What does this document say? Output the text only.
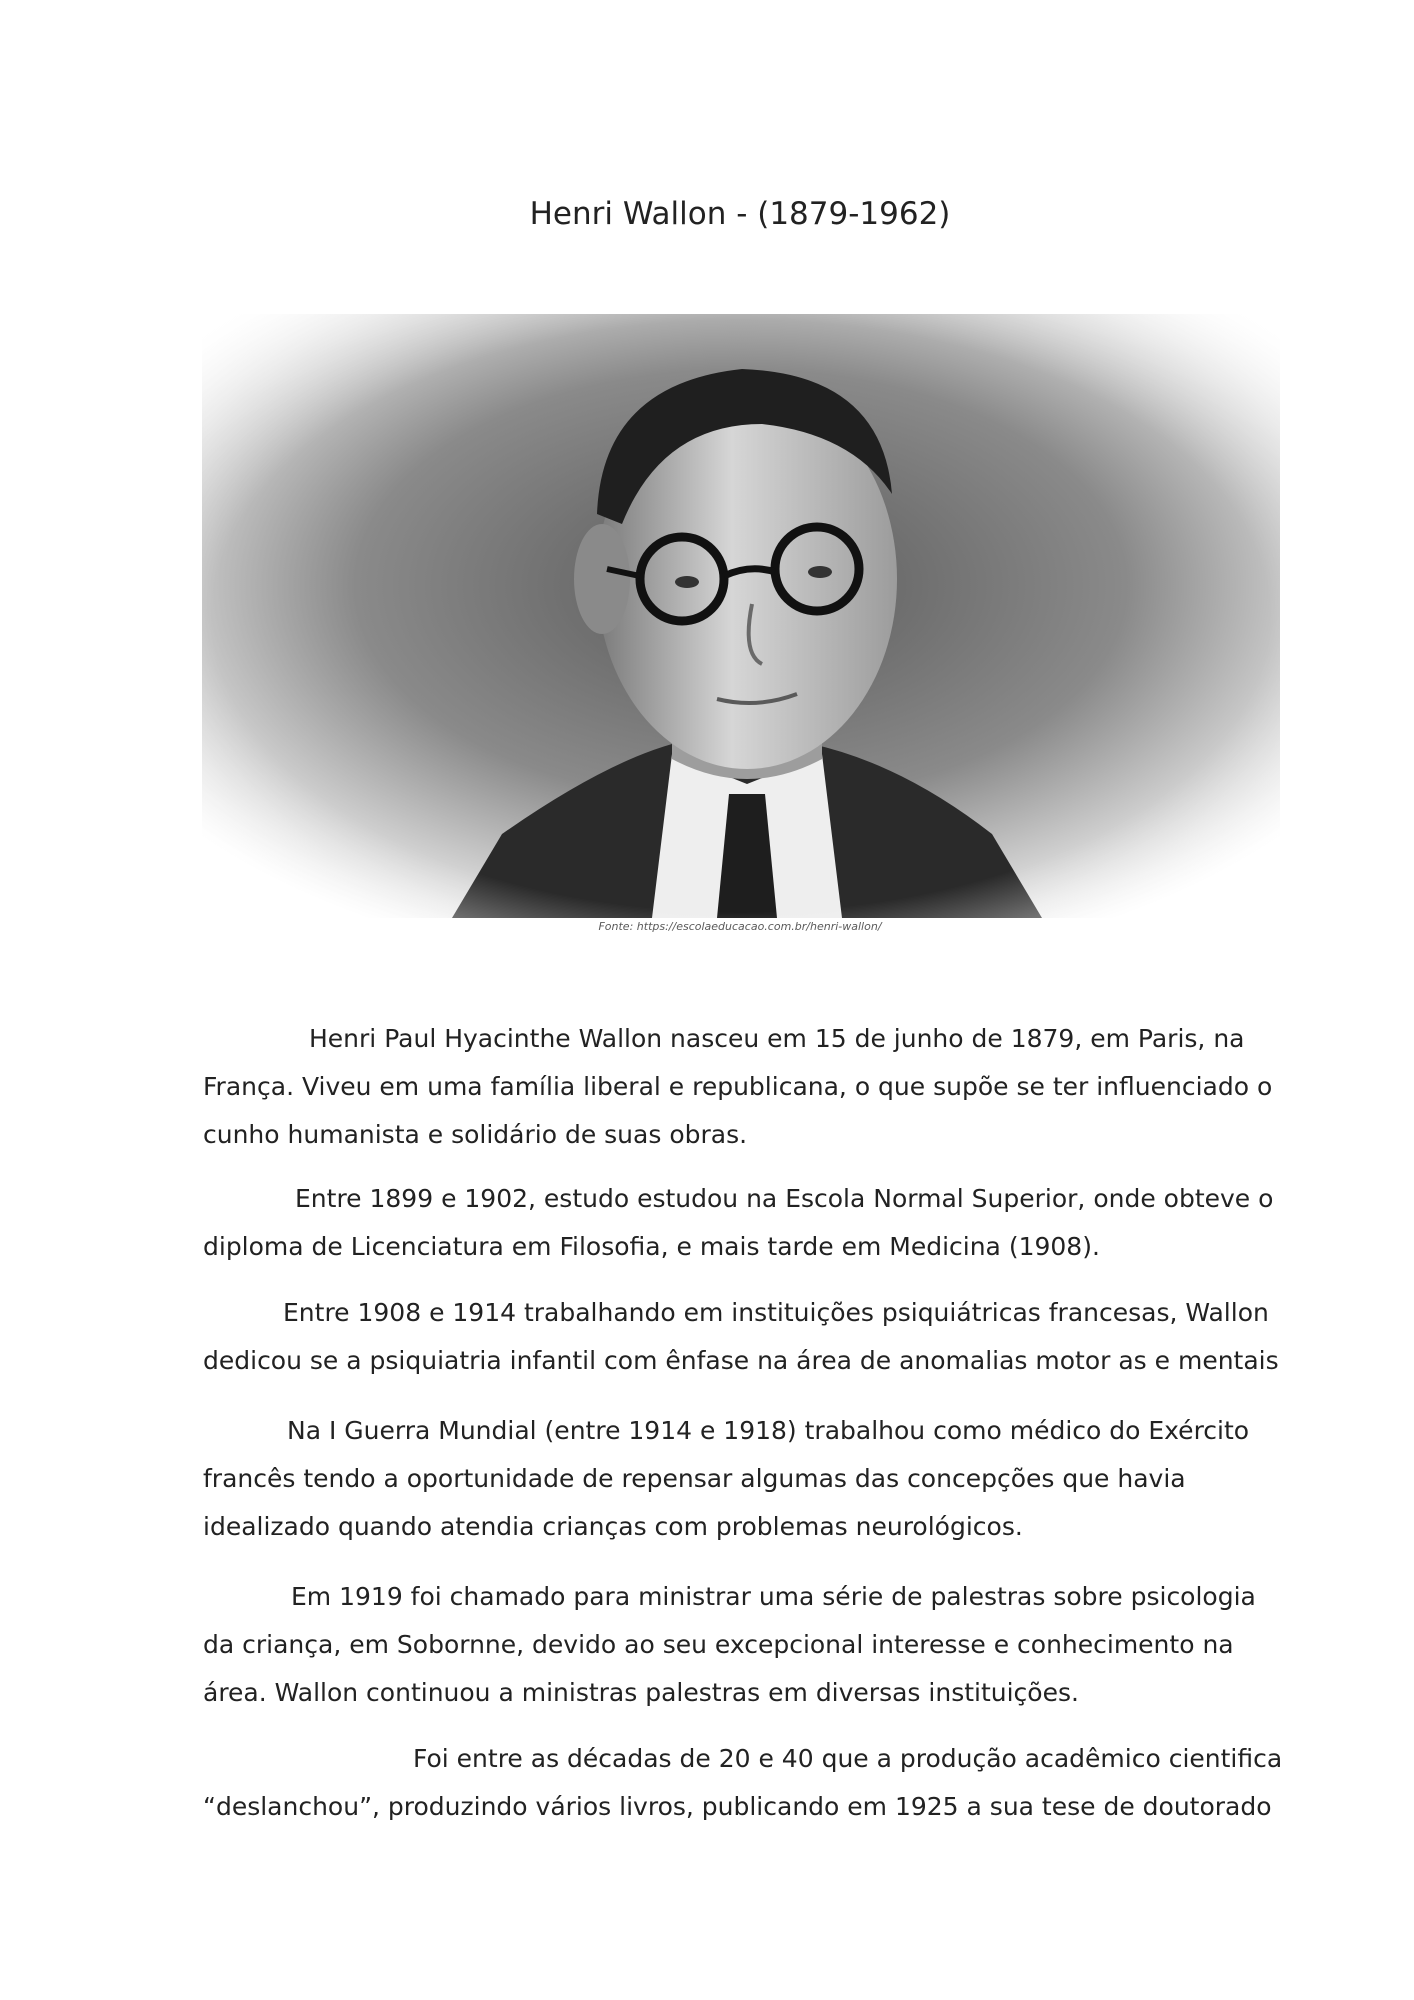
Henri Wallon - (1879-1962)

Fonte: https://escolaeducacao.com.br/henri-wallon/

Henri Paul Hyacinthe Wallon nasceu em 15 de junho de 1879, em Paris, na
França. Viveu em uma família liberal e republicana, o que supõe se ter influenciado o
cunho humanista e solidário de suas obras.

Entre 1899 e 1902, estudo estudou na Escola Normal Superior, onde obteve o
diploma de Licenciatura em Filosofia, e mais tarde em Medicina (1908).

Entre 1908 e 1914 trabalhando em instituições psiquiátricas francesas, Wallon
dedicou se a psiquiatria infantil com ênfase na área de anomalias motor as e mentais

Na I Guerra Mundial (entre 1914 e 1918) trabalhou como médico do Exército
francês tendo a oportunidade de repensar algumas das concepções que havia
idealizado quando atendia crianças com problemas neurológicos.

Em 1919 foi chamado para ministrar uma série de palestras sobre psicologia
da criança, em Sobornne, devido ao seu excepcional interesse e conhecimento na
área. Wallon continuou a ministras palestras em diversas instituições.

Foi entre as décadas de 20 e 40 que a produção acadêmico cientifica
“deslanchou”, produzindo vários livros, publicando em 1925 a sua tese de doutorado
